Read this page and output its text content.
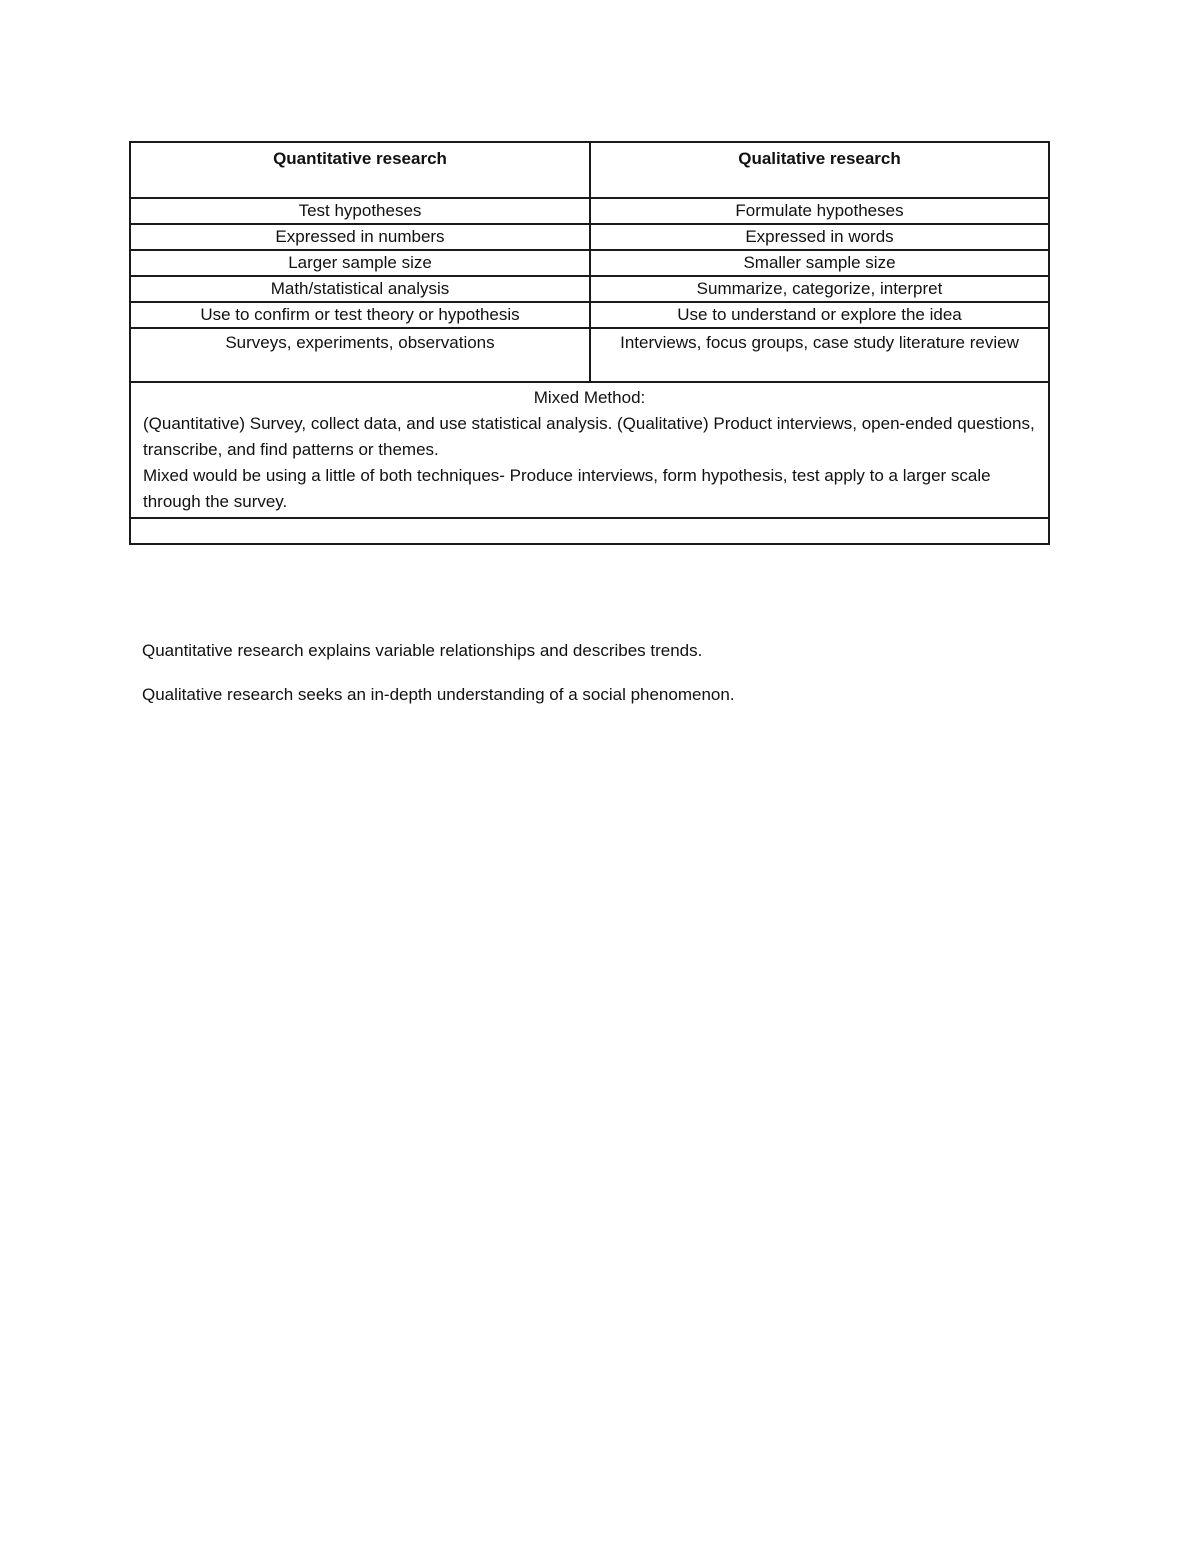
Quantitative research	Qualitative research
Test hypotheses	Formulate hypotheses
Expressed in numbers	Expressed in words
Larger sample size	Smaller sample size
Math/statistical analysis	Summarize, categorize, interpret
Use to confirm or test theory or hypothesis	Use to understand or explore the idea
Surveys, experiments, observations	Interviews, focus groups, case study literature review

Mixed Method:
(Quantitative) Survey, collect data, and use statistical analysis. (Qualitative) Product interviews, open-ended questions, transcribe, and find patterns or themes.
Mixed would be using a little of both techniques- Produce interviews, form hypothesis, test apply to a larger scale through the survey.	

Quantitative research explains variable relationships and describes trends.

Qualitative research seeks an in-depth understanding of a social phenomenon.
